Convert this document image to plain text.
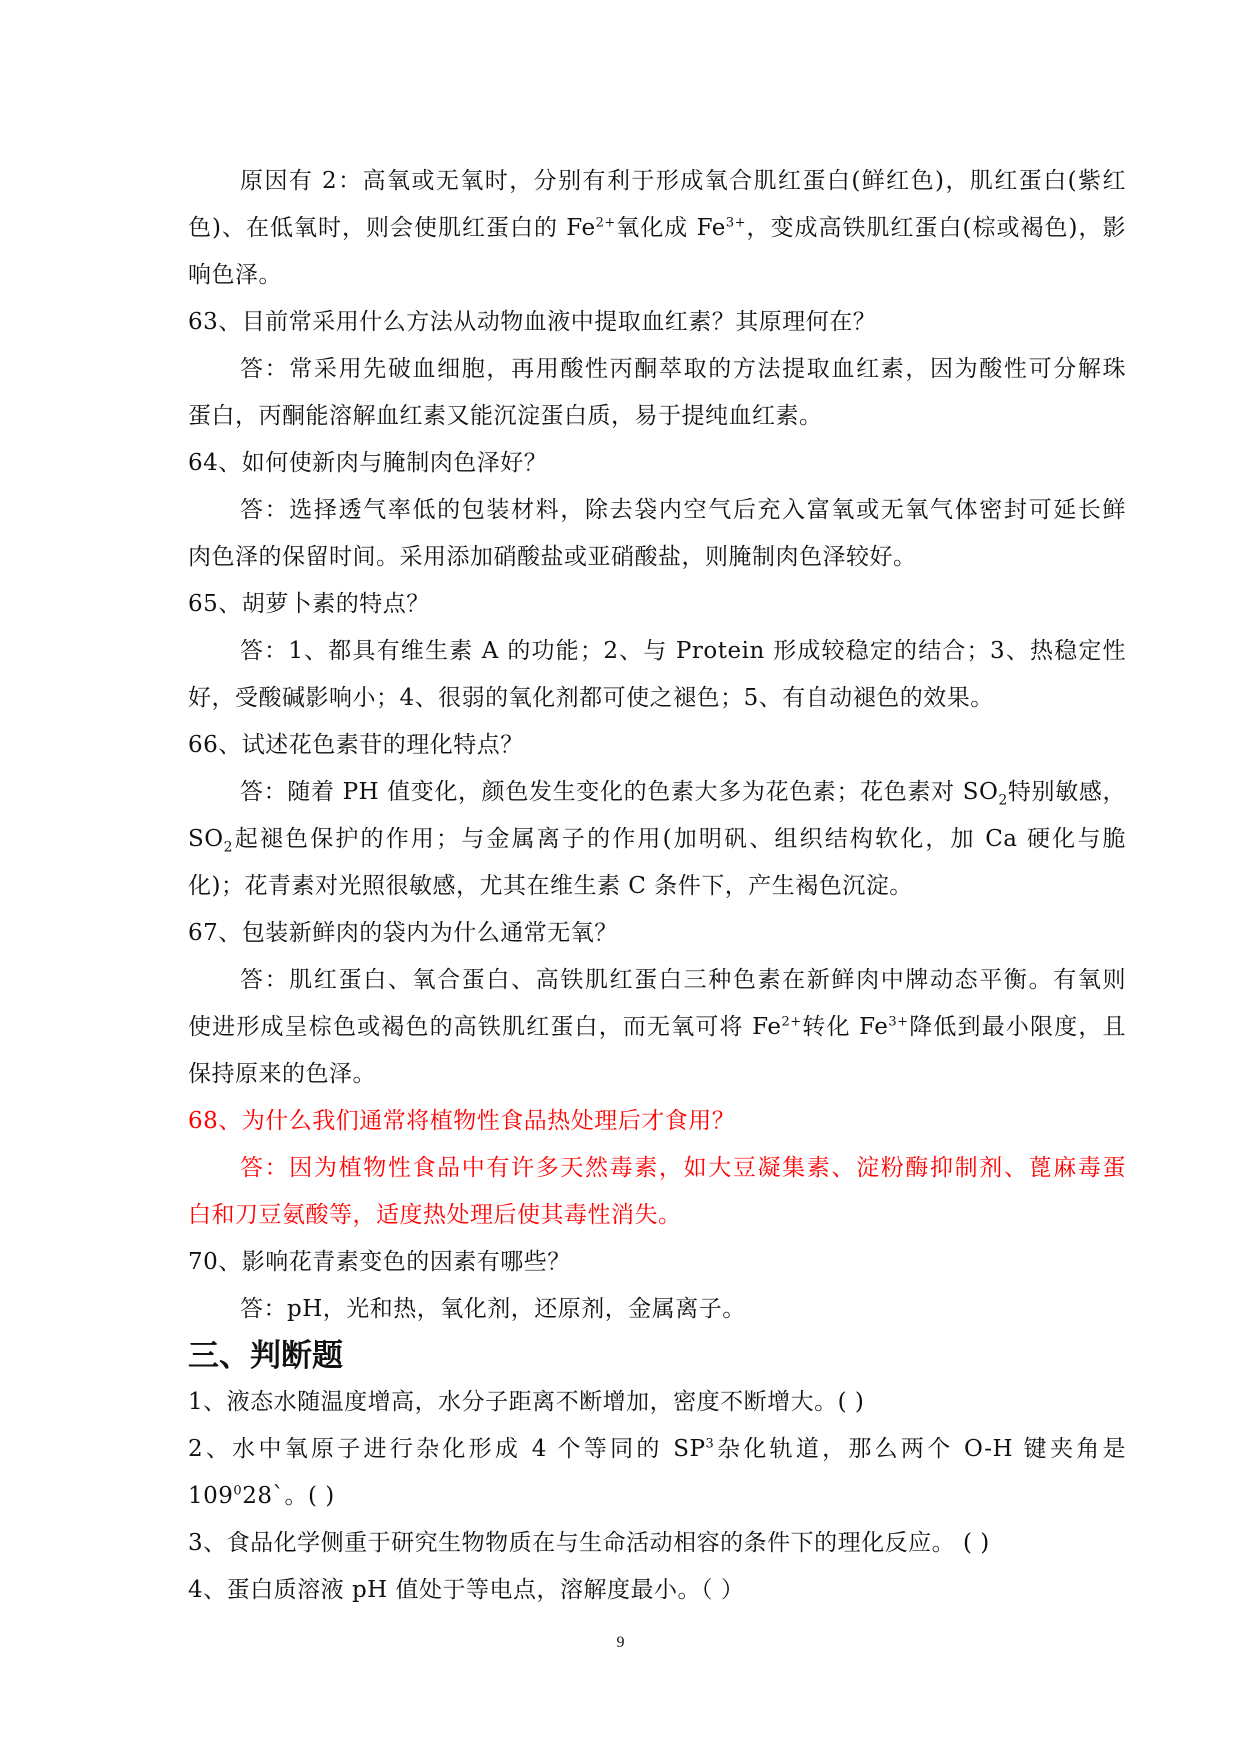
原因有 2：高氧或无氧时，分别有利于形成氧合肌红蛋白(鲜红色)，肌红蛋白(紫红
色)、在低氧时，则会使肌红蛋白的 $Fe^{2+}$氧化成 $Fe^{3+}$，变成高铁肌红蛋白(棕或褐色)，影
响色泽。
63、目前常采用什么方法从动物血液中提取血红素？其原理何在？
答：常采用先破血细胞，再用酸性丙酮萃取的方法提取血红素，因为酸性可分解珠
蛋白，丙酮能溶解血红素又能沉淀蛋白质，易于提纯血红素。
64、如何使新肉与腌制肉色泽好？
答：选择透气率低的包装材料，除去袋内空气后充入富氧或无氧气体密封可延长鲜
肉色泽的保留时间。采用添加硝酸盐或亚硝酸盐，则腌制肉色泽较好。
65、胡萝卜素的特点？
答：1、都具有维生素 A 的功能；2、与 Protein 形成较稳定的结合；3、热稳定性
好，受酸碱影响小；4、很弱的氧化剂都可使之褪色；5、有自动褪色的效果。
66、试述花色素苷的理化特点？
答：随着 PH 值变化，颜色发生变化的色素大多为花色素；花色素对 $SO_2$特别敏感，
$SO_2$起褪色保护的作用；与金属离子的作用(加明矾、组织结构软化，加 Ca 硬化与脆
化)；花青素对光照很敏感，尤其在维生素 C 条件下，产生褐色沉淀。
67、包装新鲜肉的袋内为什么通常无氧？
答：肌红蛋白、氧合蛋白、高铁肌红蛋白三种色素在新鲜肉中牌动态平衡。有氧则
使进形成呈棕色或褐色的高铁肌红蛋白，而无氧可将 $Fe^{2+}$转化 $Fe^{3+}$降低到最小限度，且
保持原来的色泽。
68、为什么我们通常将植物性食品热处理后才食用？
答：因为植物性食品中有许多天然毒素，如大豆凝集素、淀粉酶抑制剂、蓖麻毒蛋
白和刀豆氨酸等，适度热处理后使其毒性消失。
70、影响花青素变色的因素有哪些？
答：pH，光和热，氧化剂，还原剂，金属离子。
三、判断题
1、液态水随温度增高，水分子距离不断增加，密度不断增大。( )
2、水中氧原子进行杂化形成 4 个等同的 $SP^3$杂化轨道，那么两个 O-H 键夹角是
$109^028`$。( )
3、食品化学侧重于研究生物物质在与生命活动相容的条件下的理化反应。 ( )
4、蛋白质溶液 pH 值处于等电点，溶解度最小。（ ）
9
